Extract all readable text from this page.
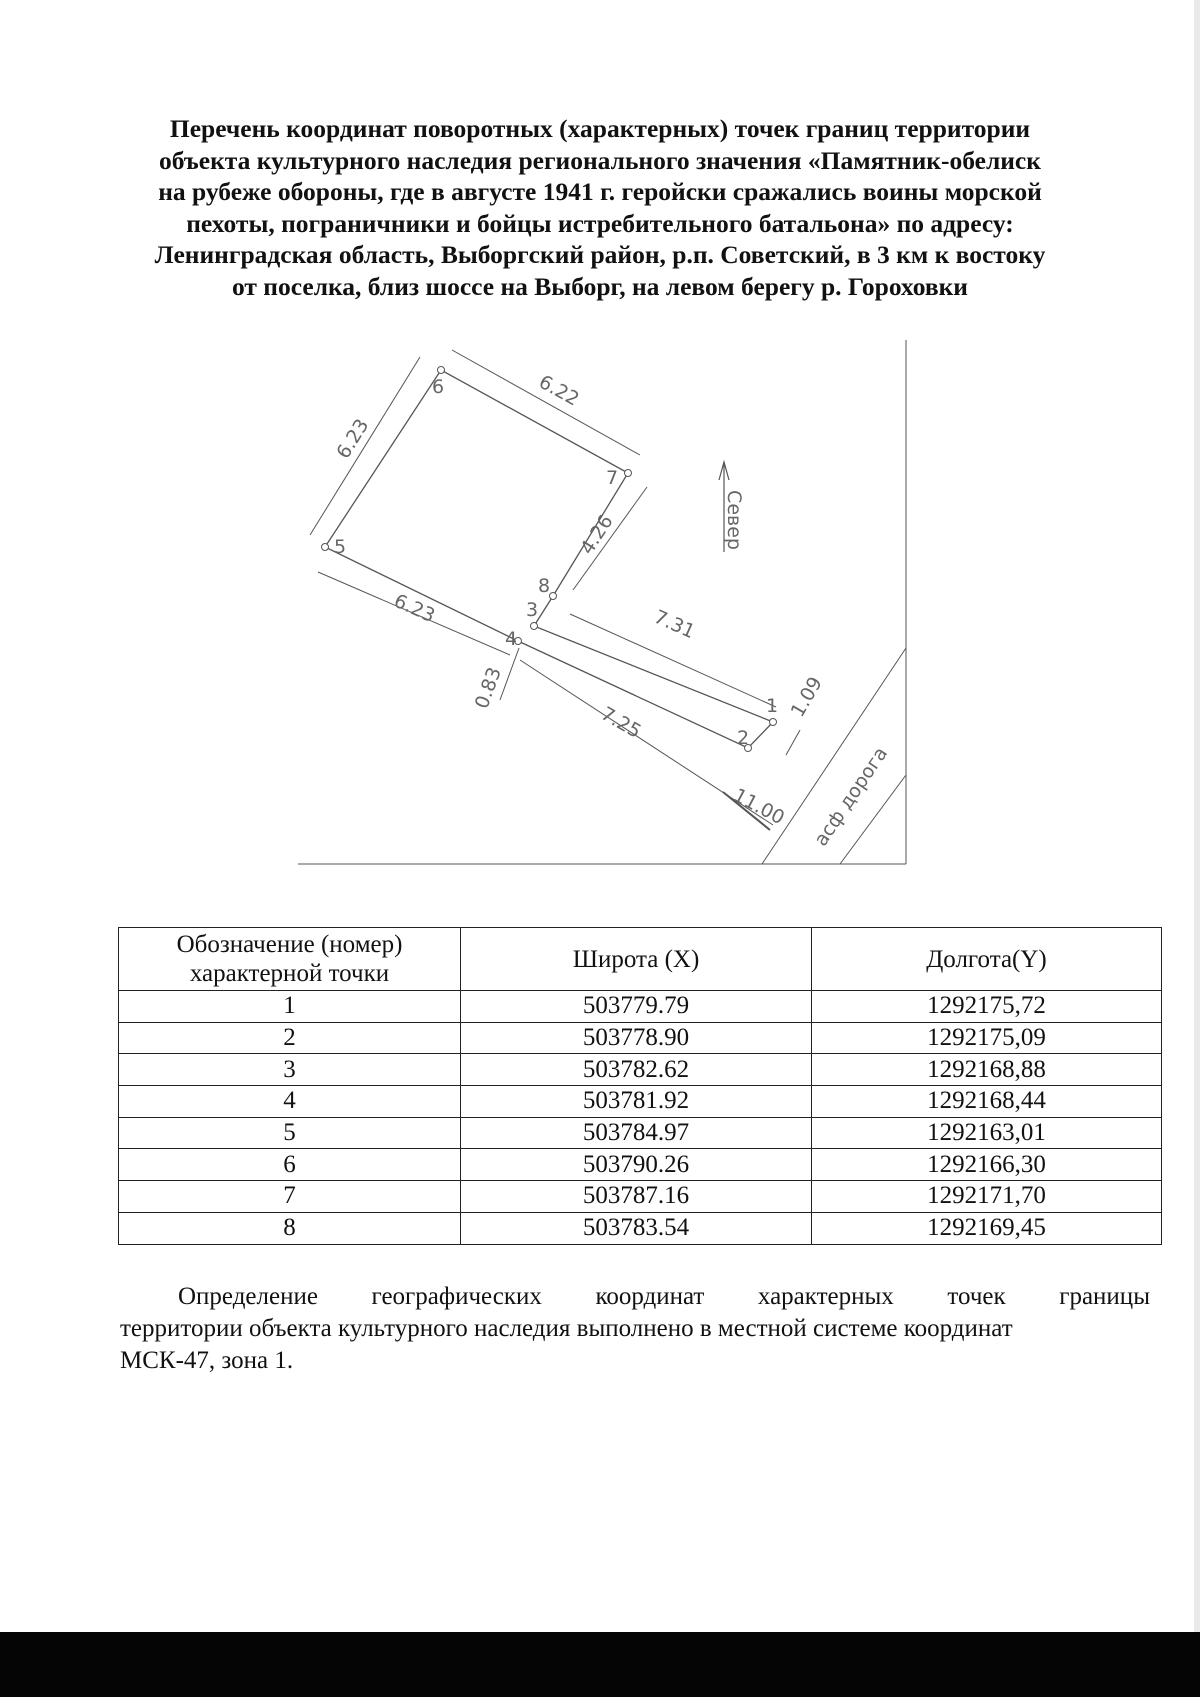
Перечень координат поворотных (характерных) точек границ территории
объекта культурного наследия регионального значения «Памятник-обелиск
на рубеже обороны, где в августе 1941 г. геройски сражались воины морской
пехоты, пограничники и бойцы истребительного батальона» по адресу:
Ленинградская область, Выборгский район, р.п. Советский, в 3 км к востоку
от поселка, близ шоссе на Выборг, на левом берегу р. Гороховки
1
2
3
4
5
6
7
8
6.22
6.23
6.23
4.26
7.31
7.25
0.83	1.09
11.00
Север
асф дорога
Обозначение (номер) характерной точки	Широта (X)	Долгота(Y)
1	503779.79	1292175,72
2	503778.90	1292175,09
3	503782.62	1292168,88
4	503781.92	1292168,44
5	503784.97	1292163,01
6	503790.26	1292166,30
7	503787.16	1292171,70
8	503783.54	1292169,45
Определение географических координат характерных точек границы
территории объекта культурного наследия выполнено в местной системе координат
МСК-47, зона 1.
